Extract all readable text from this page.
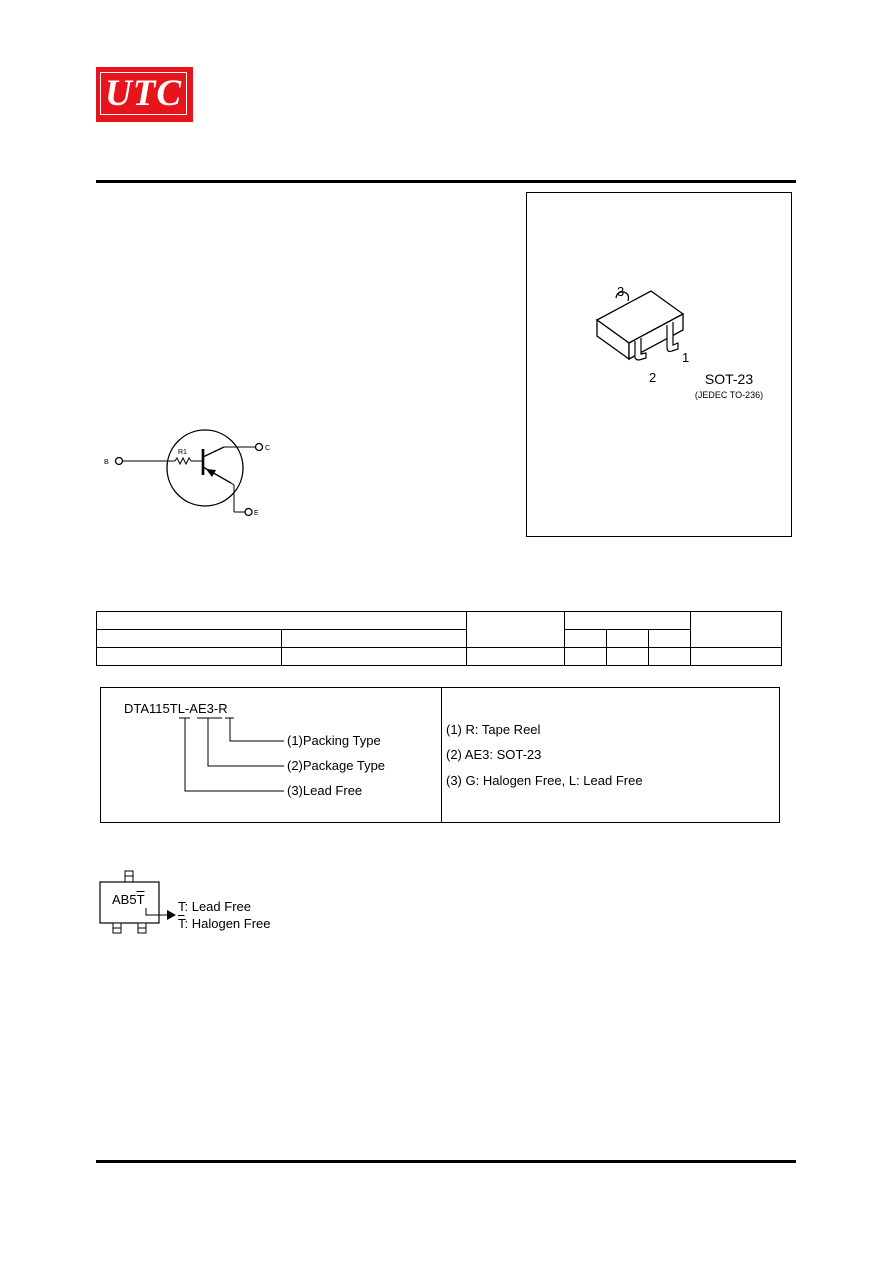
UTC
3
2
1
SOT-23
(JEDEC TO-236)
B
C
E
R1

DTA115TL-AE3-R
(1)Packing Type
(2)Package Type
(3)Lead Free
(1) R: Tape Reel
(2) AE3: SOT-23
(3) G: Halogen Free, L: Lead Free
$AB5\overline{T}$	T: Lead Free
$\overline{T}$: Halogen Free
